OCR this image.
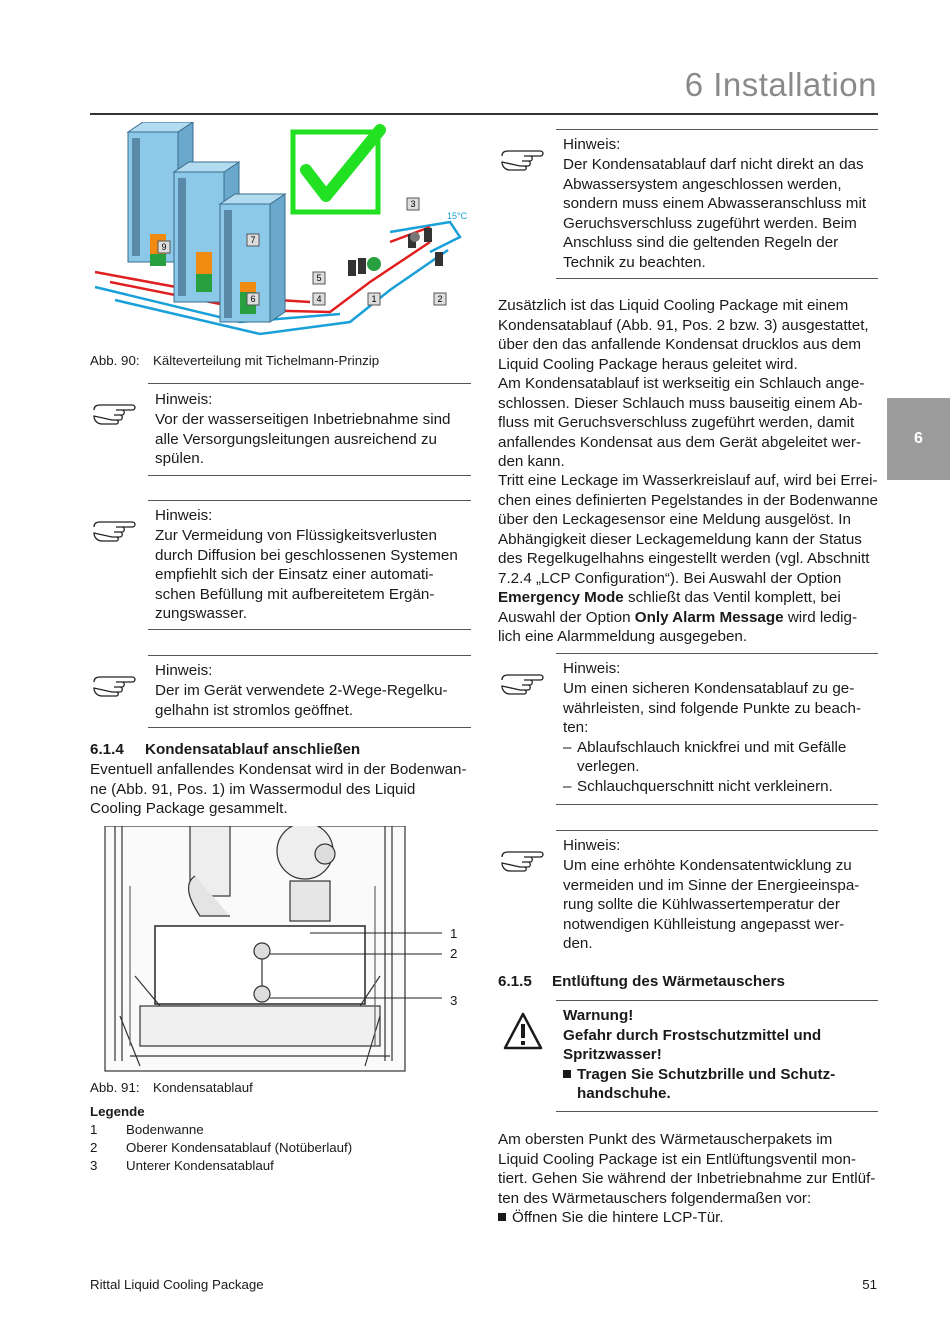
6 Installation
6
1	2
3
4
5
6
7
9
15°C
Abb. 90: Kälteverteilung mit Tichelmann-Prinzip
Hinweis:

Vor der wasserseitigen Inbetriebnahme sind

alle Versorgungsleitungen ausreichend zu

spülen.

Hinweis:

Zur Vermeidung von Flüssigkeitsverlusten

durch Diffusion bei geschlossenen Systemen

empfiehlt sich der Einsatz einer automati-

schen Befüllung mit aufbereitetem Ergän-

zungswasser.

Hinweis:

Der im Gerät verwendete 2-Wege-Regelku-

gelhahn ist stromlos geöffnet.

6.1.4 Kondensatablauf anschließen

Eventuell anfallendes Kondensat wird in der Bodenwan-

ne (Abb. 91, Pos. 1) im Wassermodul des Liquid

Cooling Package gesammelt.

1
2
3
Abb. 91: Kondensatablauf
Legende
1 Bodenwanne
2 Oberer Kondensatablauf (Notüberlauf)
3 Unterer Kondensatablauf
Hinweis:

Der Kondensatablauf darf nicht direkt an das

Abwassersystem angeschlossen werden,

sondern muss einem Abwasseranschluss mit

Geruchsverschluss zugeführt werden. Beim

Anschluss sind die geltenden Regeln der

Technik zu beachten.

Zusätzlich ist das Liquid Cooling Package mit einem

Kondensatablauf (Abb. 91, Pos. 2 bzw. 3) ausgestattet,

über den das anfallende Kondensat drucklos aus dem

Liquid Cooling Package heraus geleitet wird.

Am Kondensatablauf ist werkseitig ein Schlauch ange-

schlossen. Dieser Schlauch muss bauseitig einem Ab-

fluss mit Geruchsverschluss zugeführt werden, damit

anfallendes Kondensat aus dem Gerät abgeleitet wer-

den kann.

Tritt eine Leckage im Wasserkreislauf auf, wird bei Errei-

chen eines definierten Pegelstandes in der Bodenwanne

über den Leckagesensor eine Meldung ausgelöst. In

Abhängigkeit dieser Leckagemeldung kann der Status

des Regelkugelhahns eingestellt werden (vgl. Abschnitt

7.2.4 „LCP Configuration“). Bei Auswahl der Option

Emergency Mode schließt das Ventil komplett, bei

Auswahl der Option Only Alarm Message wird ledig-

lich eine Alarmmeldung ausgegeben.

Hinweis:

Um einen sicheren Kondensatablauf zu ge-

währleisten, sind folgende Punkte zu beach-

ten:

– Ablaufschlauch knickfrei und mit Gefälle

verlegen.

– Schlauchquerschnitt nicht verkleinern.

Hinweis:

Um eine erhöhte Kondensatentwicklung zu

vermeiden und im Sinne der Energieeinspa-

rung sollte die Kühlwassertemperatur der

notwendigen Kühlleistung angepasst wer-

den.

6.1.5 Entlüftung des Wärmetauschers

Warnung!

Gefahr durch Frostschutzmittel und

Spritzwasser!

Tragen Sie Schutzbrille und Schutz-

handschuhe.

Am obersten Punkt des Wärmetauscherpakets im

Liquid Cooling Package ist ein Entlüftungsventil mon-

tiert. Gehen Sie während der Inbetriebnahme zur Entlüf-

ten des Wärmetauschers folgendermaßen vor:

Öffnen Sie die hintere LCP-Tür.

Rittal Liquid Cooling Package	51
